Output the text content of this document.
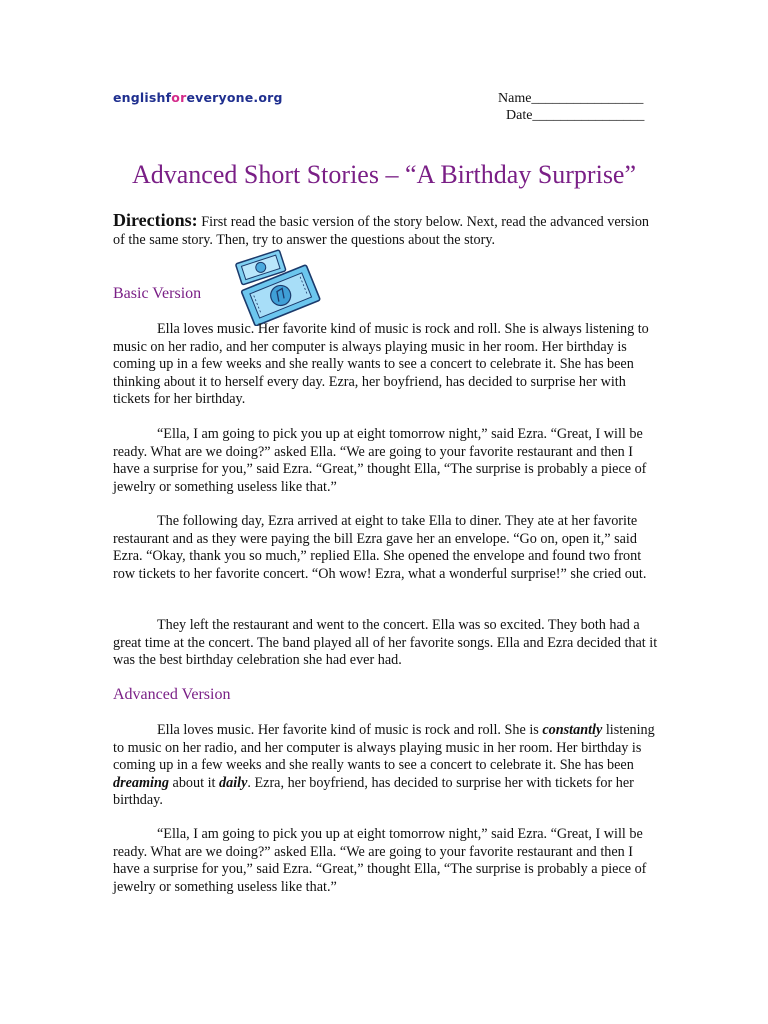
englishforeveryone.org	Name________________
Date________________
Advanced Short Stories – “A Birthday Surprise”
Directions: First read the basic version of the story below. Next, read the advanced version of the same story. Then, try to answer the questions about the story.
Basic Version
Ella loves music. Her favorite kind of music is rock and roll. She is always listening to music on her radio, and her computer is always playing music in her room. Her birthday is coming up in a few weeks and she really wants to see a concert to celebrate it. She has been thinking about it to herself every day. Ezra, her boyfriend, has decided to surprise her with tickets for her birthday.
“Ella, I am going to pick you up at eight tomorrow night,” said Ezra. “Great, I will be ready. What are we doing?” asked Ella. “We are going to your favorite restaurant and then I have a surprise for you,” said Ezra. “Great,” thought Ella, “The surprise is probably a piece of jewelry or something useless like that.”
The following day, Ezra arrived at eight to take Ella to diner. They ate at her favorite restaurant and as they were paying the bill Ezra gave her an envelope. “Go on, open it,” said Ezra. “Okay, thank you so much,” replied Ella. She opened the envelope and found two front row tickets to her favorite concert. “Oh wow! Ezra, what a wonderful surprise!” she cried out.
They left the restaurant and went to the concert. Ella was so excited. They both had a great time at the concert. The band played all of her favorite songs. Ella and Ezra decided that it was the best birthday celebration she had ever had.
Advanced Version
Ella loves music. Her favorite kind of music is rock and roll. She is constantly listening to music on her radio, and her computer is always playing music in her room. Her birthday is coming up in a few weeks and she really wants to see a concert to celebrate it. She has been dreaming about it daily. Ezra, her boyfriend, has decided to surprise her with tickets for her birthday.
“Ella, I am going to pick you up at eight tomorrow night,” said Ezra. “Great, I will be ready. What are we doing?” asked Ella. “We are going to your favorite restaurant and then I have a surprise for you,” said Ezra. “Great,” thought Ella, “The surprise is probably a piece of jewelry or something useless like that.”
